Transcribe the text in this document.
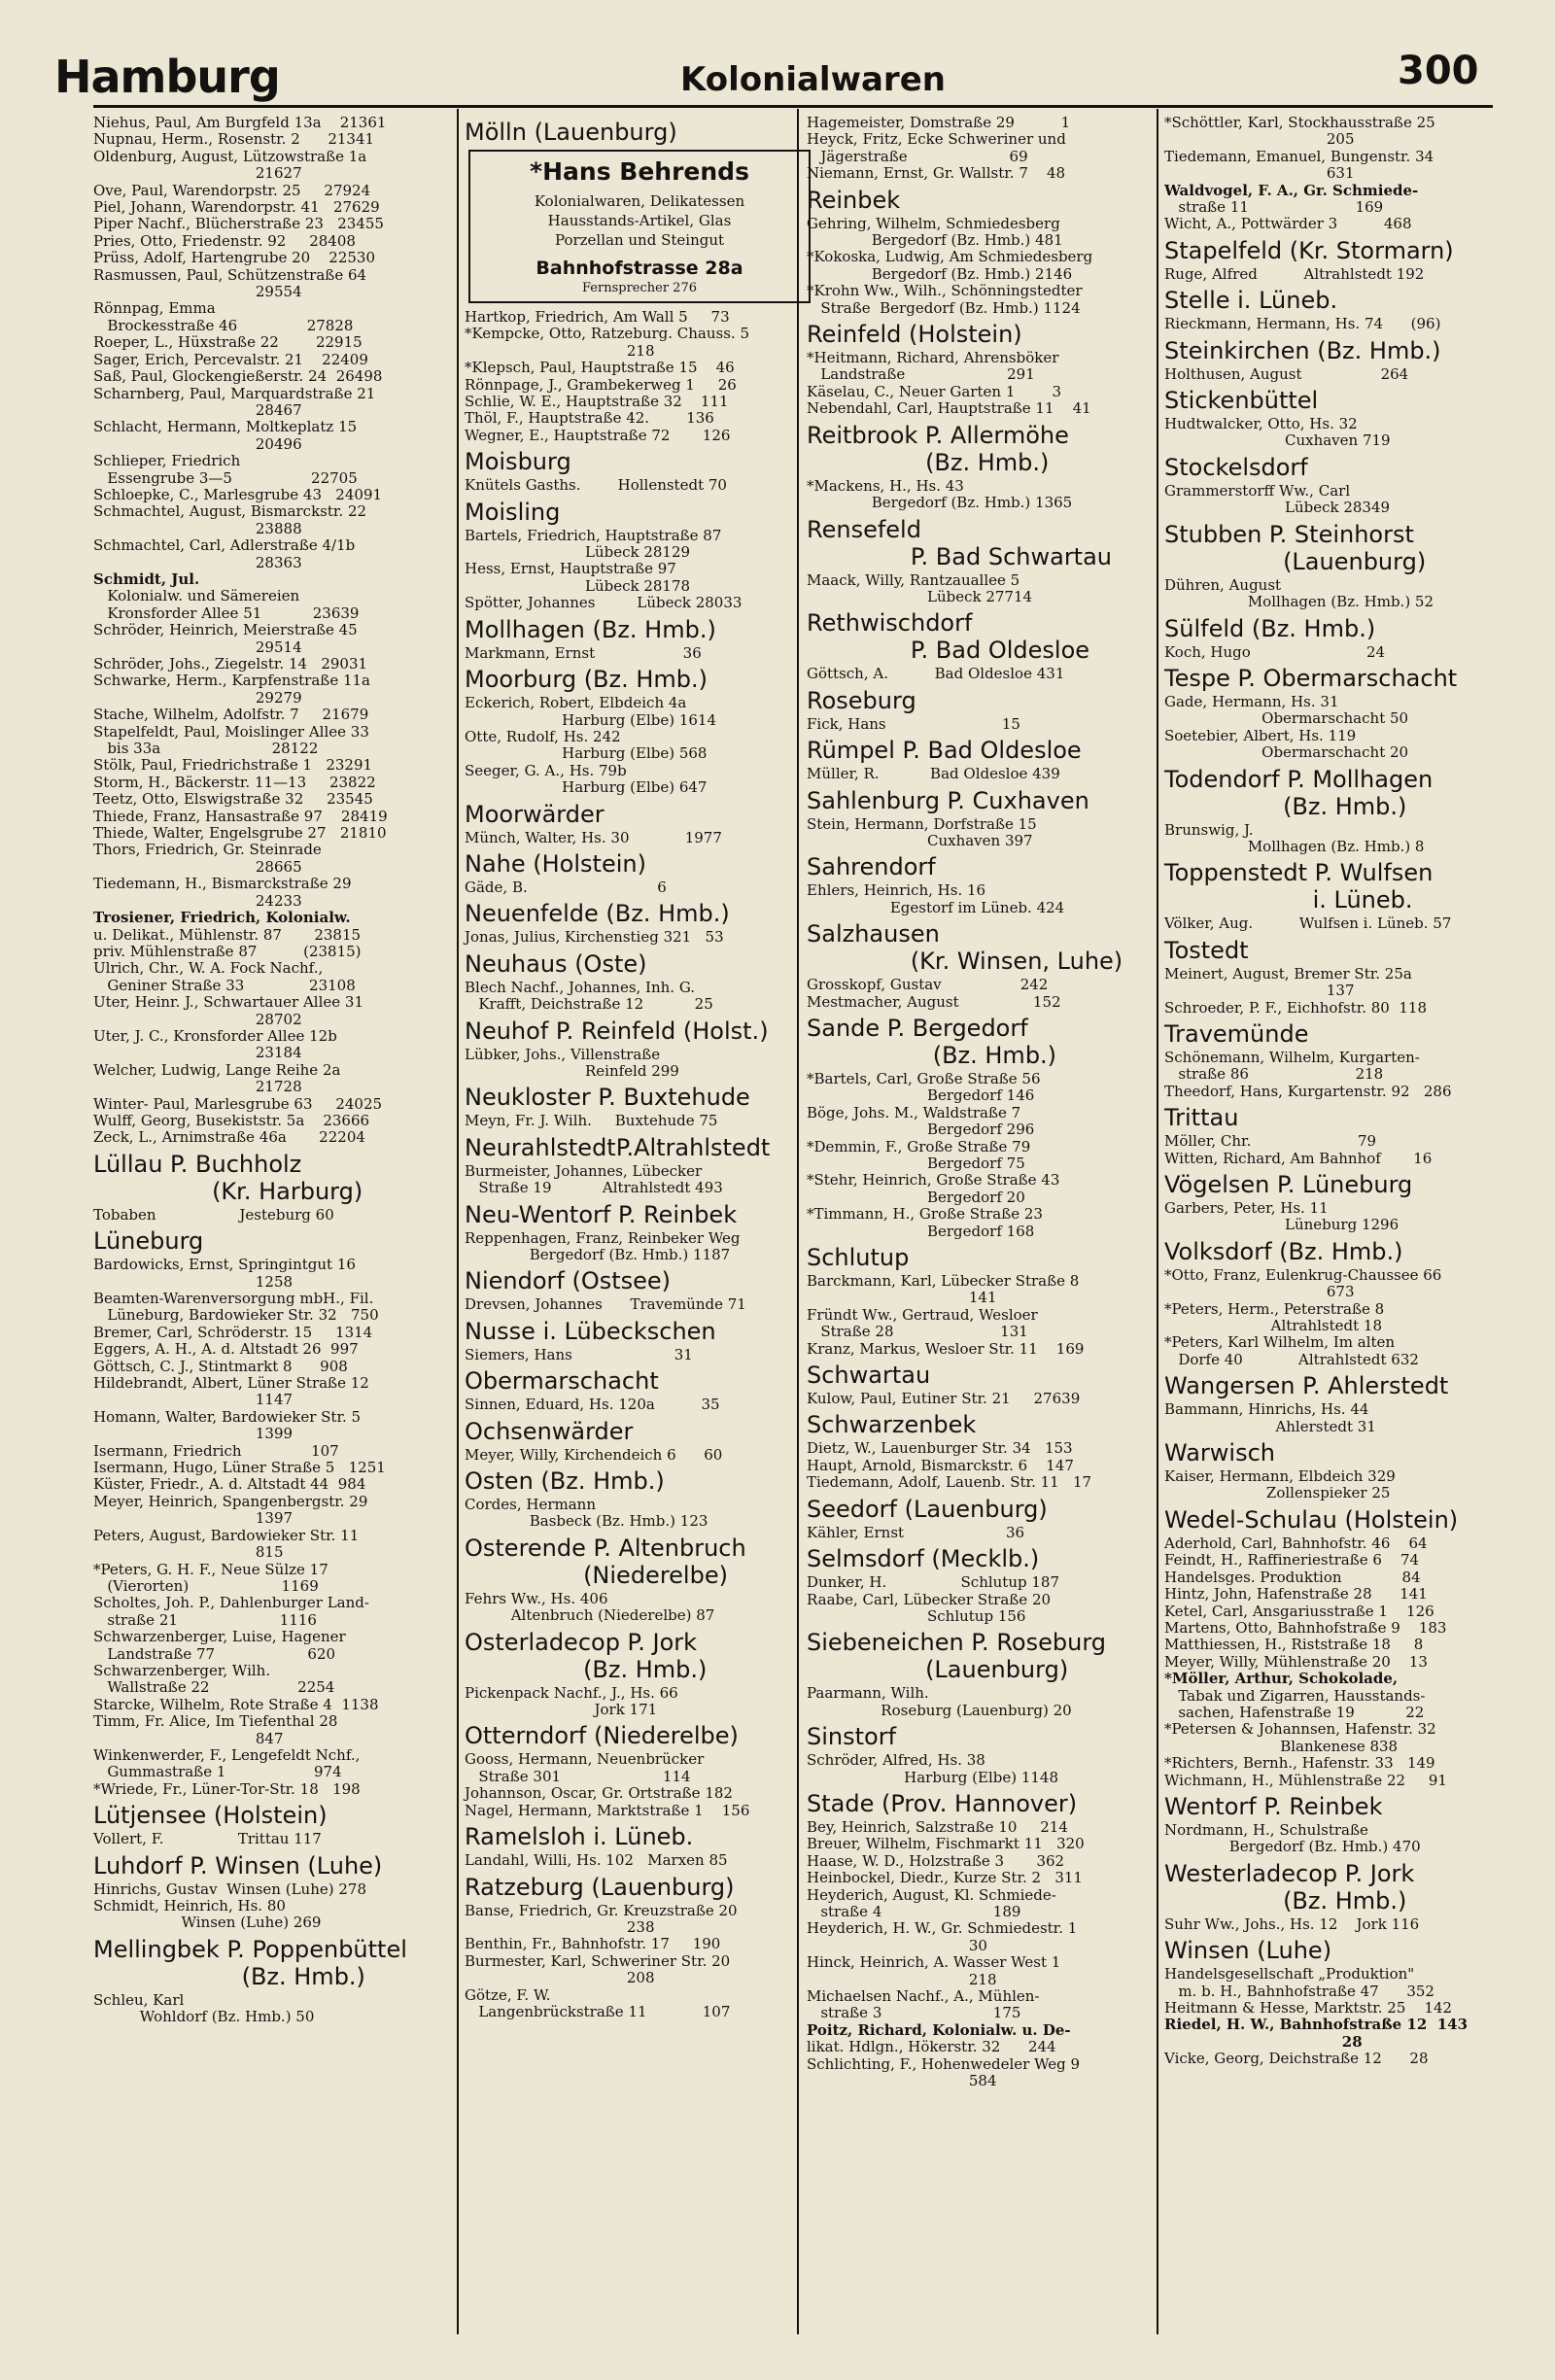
Hamburg	Kolonialwaren	300
Niehus, Paul, Am Burgfeld 13a    21361
Nupnau, Herm., Rosenstr. 2      21341
Oldenburg, August, Lützowstraße 1a
21627
Ove, Paul, Warendorpstr. 25     27924
Piel, Johann, Warendorpstr. 41   27629
Piper Nachf., Blücherstraße 23   23455
Pries, Otto, Friedenstr. 92     28408
Prüss, Adolf, Hartengrube 20    22530
Rasmussen, Paul, Schützenstraße 64
29554
Rönnpag, Emma
Brockesstraße 46               27828
Roeper, L., Hüxstraße 22        22915
Sager, Erich, Percevalstr. 21    22409
Saß, Paul, Glockengießerstr. 24  26498
Scharnberg, Paul, Marquardstraße 21
28467
Schlacht, Hermann, Moltkeplatz 15
20496
Schlieper, Friedrich
Essengrube 3—5                 22705
Schloepke, C., Marlesgrube 43   24091
Schmachtel, August, Bismarckstr. 22
23888
Schmachtel, Carl, Adlerstraße 4/1b
28363
Schmidt, Jul.
Kolonialw. und Sämereien
Kronsforder Allee 51           23639
Schröder, Heinrich, Meierstraße 45
29514
Schröder, Johs., Ziegelstr. 14   29031
Schwarke, Herm., Karpfenstraße 11a
29279
Stache, Wilhelm, Adolfstr. 7     21679
Stapelfeldt, Paul, Moislinger Allee 33
bis 33a                        28122
Stölk, Paul, Friedrichstraße 1   23291
Storm, H., Bäckerstr. 11—13     23822
Teetz, Otto, Elswigstraße 32     23545
Thiede, Franz, Hansastraße 97    28419
Thiede, Walter, Engelsgrube 27   21810
Thors, Friedrich, Gr. Steinrade
28665
Tiedemann, H., Bismarckstraße 29
24233
Trosiener, Friedrich, Kolonialw.
u. Delikat., Mühlenstr. 87       23815
priv. Mühlenstraße 87          (23815)
Ulrich, Chr., W. A. Fock Nachf.,
Geniner Straße 33              23108
Uter, Heinr. J., Schwartauer Allee 31
28702
Uter, J. C., Kronsforder Allee 12b
23184
Welcher, Ludwig, Lange Reihe 2a
21728
Winter- Paul, Marlesgrube 63     24025
Wulff, Georg, Busekiststr. 5a    23666
Zeck, L., Arnimstraße 46a       22204
Lüllau P. Buchholz
(Kr. Harburg)
Tobaben                  Jesteburg 60
Lüneburg
Bardowicks, Ernst, Springintgut 16
1258
Beamten-Warenversorgung mbH., Fil.
Lüneburg, Bardowieker Str. 32   750
Bremer, Carl, Schröderstr. 15     1314
Eggers, A. H., A. d. Altstadt 26  997
Göttsch, C. J., Stintmarkt 8      908
Hildebrandt, Albert, Lüner Straße 12
1147
Homann, Walter, Bardowieker Str. 5
1399
Isermann, Friedrich               107
Isermann, Hugo, Lüner Straße 5   1251
Küster, Friedr., A. d. Altstadt 44  984
Meyer, Heinrich, Spangenbergstr. 29
1397
Peters, August, Bardowieker Str. 11
815
*Peters, G. H. F., Neue Sülze 17
(Vierorten)                    1169
Scholtes, Joh. P., Dahlenburger Land-
straße 21                      1116
Schwarzenberger, Luise, Hagener
Landstraße 77                    620
Schwarzenberger, Wilh.
Wallstraße 22                   2254
Starcke, Wilhelm, Rote Straße 4  1138
Timm, Fr. Alice, Im Tiefenthal 28
847
Winkenwerder, F., Lengefeldt Nchf.,
Gummastraße 1                   974
*Wriede, Fr., Lüner-Tor-Str. 18   198
Lütjensee (Holstein)
Vollert, F.                Trittau 117
Luhdorf P. Winsen (Luhe)
Hinrichs, Gustav  Winsen (Luhe) 278
Schmidt, Heinrich, Hs. 80
Winsen (Luhe) 269
Mellingbek P. Poppenbüttel
(Bz. Hmb.)
Schleu, Karl
Wohldorf (Bz. Hmb.) 50
Mölln (Lauenburg)
*Hans Behrends
Kolonialwaren, Delikatessen
Hausstands-Artikel, Glas
Porzellan und Steingut
Bahnhofstrasse 28a
Fernsprecher 276
Hartkop, Friedrich, Am Wall 5     73
*Kempcke, Otto, Ratzeburg. Chauss. 5
218
*Klepsch, Paul, Hauptstraße 15    46
Rönnpage, J., Grambekerweg 1     26
Schlie, W. E., Hauptstraße 32    111
Thöl, F., Hauptstraße 42.        136
Wegner, E., Hauptstraße 72       126
Moisburg
Knütels Gasths.        Hollenstedt 70
Moisling
Bartels, Friedrich, Hauptstraße 87
Lübeck 28129
Hess, Ernst, Hauptstraße 97
Lübeck 28178
Spötter, Johannes         Lübeck 28033
Mollhagen (Bz. Hmb.)
Markmann, Ernst                   36
Moorburg (Bz. Hmb.)
Eckerich, Robert, Elbdeich 4a
Harburg (Elbe) 1614
Otte, Rudolf, Hs. 242
Harburg (Elbe) 568
Seeger, G. A., Hs. 79b
Harburg (Elbe) 647
Moorwärder
Münch, Walter, Hs. 30            1977
Nahe (Holstein)
Gäde, B.                            6
Neuenfelde (Bz. Hmb.)
Jonas, Julius, Kirchenstieg 321   53
Neuhaus (Oste)
Blech Nachf., Johannes, Inh. G.
Krafft, Deichstraße 12           25
Neuhof P. Reinfeld (Holst.)
Lübker, Johs., Villenstraße
Reinfeld 299
Neukloster P. Buxtehude
Meyn, Fr. J. Wilh.     Buxtehude 75
NeurahlstedtP.Altrahlstedt
Burmeister, Johannes, Lübecker
Straße 19           Altrahlstedt 493
Neu-Wentorf P. Reinbek
Reppenhagen, Franz, Reinbeker Weg
Bergedorf (Bz. Hmb.) 1187
Niendorf (Ostsee)
Drevsen, Johannes      Travemünde 71
Nusse i. Lübeckschen
Siemers, Hans                      31
Obermarschacht
Sinnen, Eduard, Hs. 120a          35
Ochsenwärder
Meyer, Willy, Kirchendeich 6      60
Osten (Bz. Hmb.)
Cordes, Hermann
Basbeck (Bz. Hmb.) 123
Osterende P. Altenbruch
(Niederelbe)
Fehrs Ww., Hs. 406
Altenbruch (Niederelbe) 87
Osterladecop P. Jork
(Bz. Hmb.)
Pickenpack Nachf., J., Hs. 66
Jork 171
Otterndorf (Niederelbe)
Gooss, Hermann, Neuenbrücker
Straße 301                      114
Johannson, Oscar, Gr. Ortstraße 182
Nagel, Hermann, Marktstraße 1    156
Ramelsloh i. Lüneb.
Landahl, Willi, Hs. 102   Marxen 85
Ratzeburg (Lauenburg)
Banse, Friedrich, Gr. Kreuzstraße 20
238
Benthin, Fr., Bahnhofstr. 17     190
Burmester, Karl, Schweriner Str. 20
208
Götze, F. W.
Langenbrückstraße 11            107
Hagemeister, Domstraße 29          1
Heyck, Fritz, Ecke Schweriner und
Jägerstraße                      69
Niemann, Ernst, Gr. Wallstr. 7    48
Reinbek
Gehring, Wilhelm, Schmiedesberg
Bergedorf (Bz. Hmb.) 481
*Kokoska, Ludwig, Am Schmiedesberg
Bergedorf (Bz. Hmb.) 2146
*Krohn Ww., Wilh., Schönningstedter
Straße  Bergedorf (Bz. Hmb.) 1124
Reinfeld (Holstein)
*Heitmann, Richard, Ahrensböker
Landstraße                      291
Käselau, C., Neuer Garten 1        3
Nebendahl, Carl, Hauptstraße 11    41
Reitbrook P. Allermöhe
(Bz. Hmb.)
*Mackens, H., Hs. 43
Bergedorf (Bz. Hmb.) 1365
Rensefeld
P. Bad Schwartau
Maack, Willy, Rantzauallee 5
Lübeck 27714
Rethwischdorf
P. Bad Oldesloe
Göttsch, A.          Bad Oldesloe 431
Roseburg
Fick, Hans                         15
Rümpel P. Bad Oldesloe
Müller, R.           Bad Oldesloe 439
Sahlenburg P. Cuxhaven
Stein, Hermann, Dorfstraße 15
Cuxhaven 397
Sahrendorf
Ehlers, Heinrich, Hs. 16
Egestorf im Lüneb. 424
Salzhausen
(Kr. Winsen, Luhe)
Grosskopf, Gustav                 242
Mestmacher, August                152
Sande P. Bergedorf
(Bz. Hmb.)
*Bartels, Carl, Große Straße 56
Bergedorf 146
Böge, Johs. M., Waldstraße 7
Bergedorf 296
*Demmin, F., Große Straße 79
Bergedorf 75
*Stehr, Heinrich, Große Straße 43
Bergedorf 20
*Timmann, H., Große Straße 23
Bergedorf 168
Schlutup
Barckmann, Karl, Lübecker Straße 8
141
Fründt Ww., Gertraud, Wesloer
Straße 28                       131
Kranz, Markus, Wesloer Str. 11    169
Schwartau
Kulow, Paul, Eutiner Str. 21     27639
Schwarzenbek
Dietz, W., Lauenburger Str. 34   153
Haupt, Arnold, Bismarckstr. 6    147
Tiedemann, Adolf, Lauenb. Str. 11   17
Seedorf (Lauenburg)
Kähler, Ernst                      36
Selmsdorf (Mecklb.)
Dunker, H.                Schlutup 187
Raabe, Carl, Lübecker Straße 20
Schlutup 156
Siebeneichen P. Roseburg
(Lauenburg)
Paarmann, Wilh.
Roseburg (Lauenburg) 20
Sinstorf
Schröder, Alfred, Hs. 38
Harburg (Elbe) 1148
Stade (Prov. Hannover)
Bey, Heinrich, Salzstraße 10     214
Breuer, Wilhelm, Fischmarkt 11   320
Haase, W. D., Holzstraße 3       362
Heinbockel, Diedr., Kurze Str. 2   311
Heyderich, August, Kl. Schmiede-
straße 4                        189
Heyderich, H. W., Gr. Schmiedestr. 1
30
Hinck, Heinrich, A. Wasser West 1
218
Michaelsen Nachf., A., Mühlen-
straße 3                        175
Poitz, Richard, Kolonialw. u. De-
likat. Hdlgn., Hökerstr. 32      244
Schlichting, F., Hohenwedeler Weg 9
584
*Schöttler, Karl, Stockhausstraße 25
205
Tiedemann, Emanuel, Bungenstr. 34
631
Waldvogel, F. A., Gr. Schmiede-
straße 11                       169
Wicht, A., Pottwärder 3          468
Stapelfeld (Kr. Stormarn)
Ruge, Alfred          Altrahlstedt 192
Stelle i. Lüneb.
Rieckmann, Hermann, Hs. 74      (96)
Steinkirchen (Bz. Hmb.)
Holthusen, August                 264
Stickenbüttel
Hudtwalcker, Otto, Hs. 32
Cuxhaven 719
Stockelsdorf
Grammerstorff Ww., Carl
Lübeck 28349
Stubben P. Steinhorst
(Lauenburg)
Dühren, August
Mollhagen (Bz. Hmb.) 52
Sülfeld (Bz. Hmb.)
Koch, Hugo                         24
Tespe P. Obermarschacht
Gade, Hermann, Hs. 31
Obermarschacht 50
Soetebier, Albert, Hs. 119
Obermarschacht 20
Todendorf P. Mollhagen
(Bz. Hmb.)
Brunswig, J.
Mollhagen (Bz. Hmb.) 8
Toppenstedt P. Wulfsen
i. Lüneb.
Völker, Aug.          Wulfsen i. Lüneb. 57
Tostedt
Meinert, August, Bremer Str. 25a
137
Schroeder, P. F., Eichhofstr. 80  118
Travemünde
Schönemann, Wilhelm, Kurgarten-
straße 86                       218
Theedorf, Hans, Kurgartenstr. 92   286
Trittau
Möller, Chr.                       79
Witten, Richard, Am Bahnhof       16
Vögelsen P. Lüneburg
Garbers, Peter, Hs. 11
Lüneburg 1296
Volksdorf (Bz. Hmb.)
*Otto, Franz, Eulenkrug-Chaussee 66
673
*Peters, Herm., Peterstraße 8
Altrahlstedt 18
*Peters, Karl Wilhelm, Im alten
Dorfe 40            Altrahlstedt 632
Wangersen P. Ahlerstedt
Bammann, Hinrichs, Hs. 44
Ahlerstedt 31
Warwisch
Kaiser, Hermann, Elbdeich 329
Zollenspieker 25
Wedel-Schulau (Holstein)
Aderhold, Carl, Bahnhofstr. 46    64
Feindt, H., Raffineriestraße 6    74
Handelsges. Produktion             84
Hintz, John, Hafenstraße 28      141
Ketel, Carl, Ansgariusstraße 1    126
Martens, Otto, Bahnhofstraße 9    183
Matthiessen, H., Riststraße 18     8
Meyer, Willy, Mühlenstraße 20    13
*Möller, Arthur, Schokolade,
Tabak und Zigarren, Hausstands-
sachen, Hafenstraße 19           22
*Petersen & Johannsen, Hafenstr. 32
Blankenese 838
*Richters, Bernh., Hafenstr. 33   149
Wichmann, H., Mühlenstraße 22     91
Wentorf P. Reinbek
Nordmann, H., Schulstraße
Bergedorf (Bz. Hmb.) 470
Westerladecop P. Jork
(Bz. Hmb.)
Suhr Ww., Johs., Hs. 12    Jork 116
Winsen (Luhe)
Handelsgesellschaft „Produktion"
m. b. H., Bahnhofstraße 47      352
Heitmann & Hesse, Marktstr. 25    142
Riedel, H. W., Bahnhofstraße 12  143
28
Vicke, Georg, Deichstraße 12      28
